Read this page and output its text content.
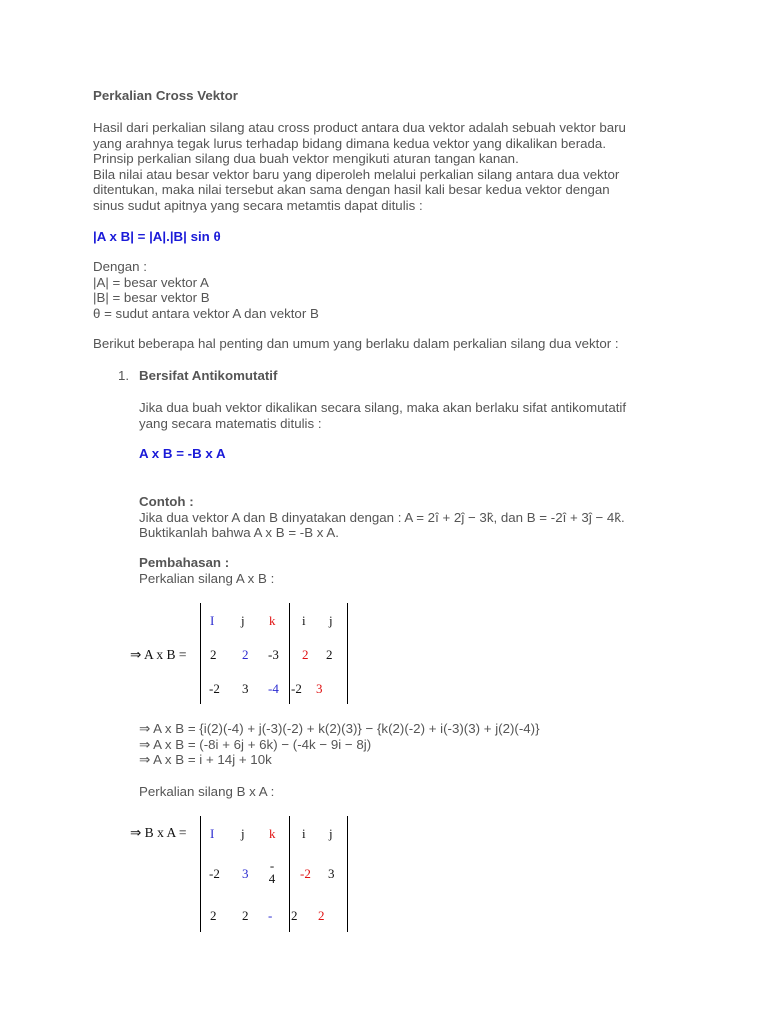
Perkalian Cross Vektor
Hasil dari perkalian silang atau cross product antara dua vektor adalah sebuah vektor baru
yang arahnya tegak lurus terhadap bidang dimana kedua vektor yang dikalikan berada.
Prinsip perkalian silang dua buah vektor mengikuti aturan tangan kanan.
Bila nilai atau besar vektor baru yang diperoleh melalui perkalian silang antara dua vektor
ditentukan, maka nilai tersebut akan sama dengan hasil kali besar kedua vektor dengan
sinus sudut apitnya yang secara metamtis dapat ditulis :
|A x B| = |A|.|B| sin θ
Dengan :
|A| = besar vektor A
|B| = besar vektor B
θ = sudut antara vektor A dan vektor B
Berikut beberapa hal penting dan umum yang berlaku dalam perkalian silang dua vektor :
1. Bersifat Antikomutatif
Jika dua buah vektor dikalikan secara silang, maka akan berlaku sifat antikomutatif
yang secara matematis ditulis :
A x B = -B x A
Contoh :
Jika dua vektor A dan B dinyatakan dengan : A = 2î + 2ĵ − 3k̂, dan B = -2î + 3ĵ − 4k̂.
Buktikanlah bahwa A x B = -B x A.
Pembahasan :
Perkalian silang A x B :
⇒ A x B =
I j k i j
2 2 -3 2 2
-2 3 -4 -2 3
⇒ A x B = {i(2)(-4) + j(-3)(-2) + k(2)(3)} − {k(2)(-2) + i(-3)(3) + j(2)(-4)}
⇒ A x B = (-8i + 6j + 6k) − (-4k − 9i − 8j)
⇒ A x B = i + 14j + 10k
Perkalian silang B x A :
⇒ B x A = I j k i j
-2 3
-
4 -2 3
2 2 - 2 2
